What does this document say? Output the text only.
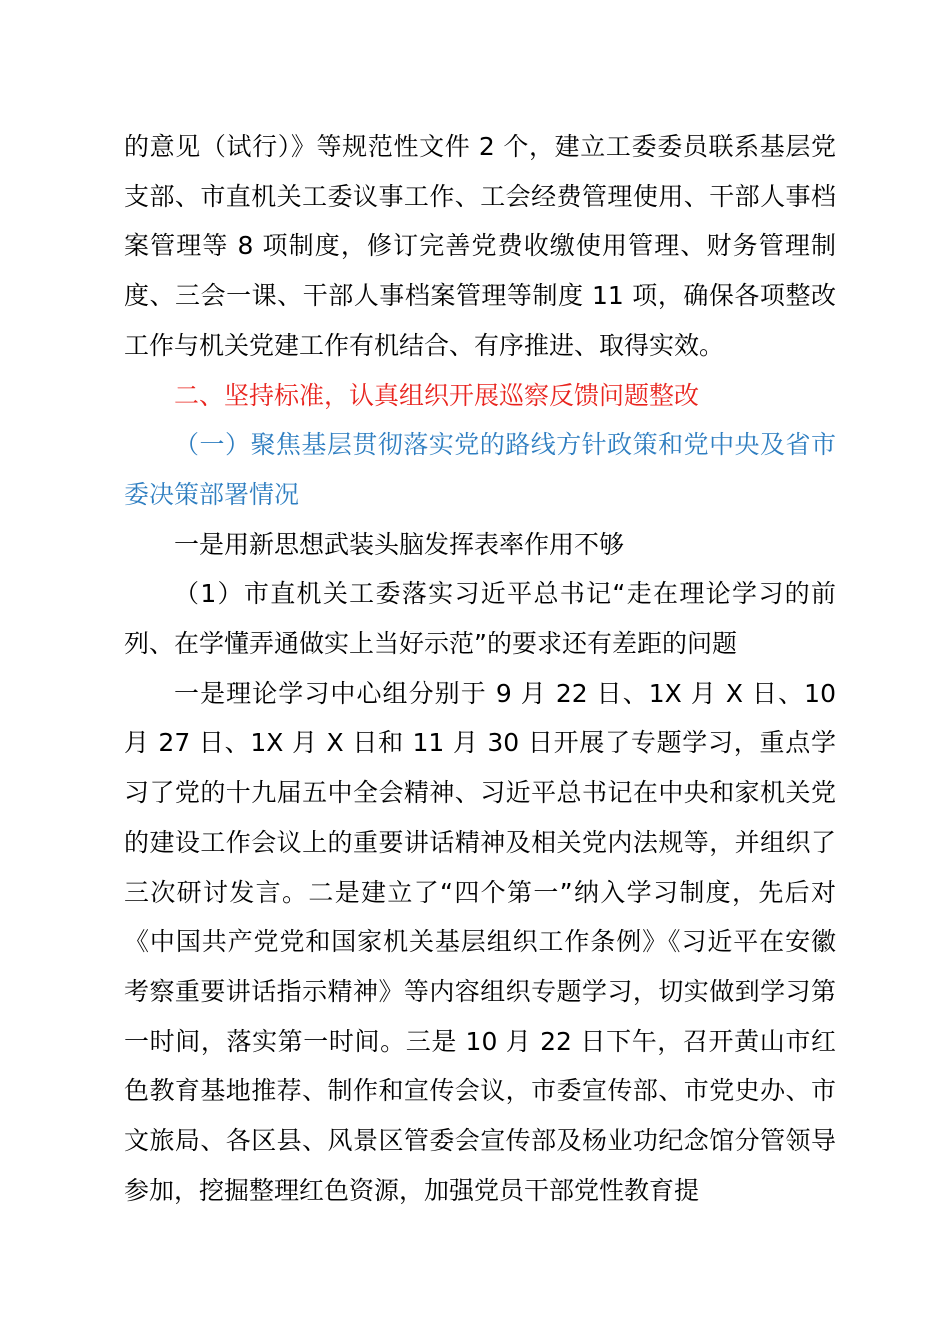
的意见（试行）》等规范性文件 2 个，建立工委委员联系基层党支部、市直机关工委议事工作、工会经费管理使用、干部人事档案管理等 8 项制度，修订完善党费收缴使用管理、财务管理制度、三会一课、干部人事档案管理等制度 11 项，确保各项整改工作与机关党建工作有机结合、有序推进、取得实效。

二、坚持标准，认真组织开展巡察反馈问题整改

（一）聚焦基层贯彻落实党的路线方针政策和党中央及省市委决策部署情况

一是用新思想武装头脑发挥表率作用不够

（1）市直机关工委落实习近平总书记“走在理论学习的前列、在学懂弄通做实上当好示范”的要求还有差距的问题

一是理论学习中心组分别于 9 月 22 日、1X 月 X 日、10 月 27 日、1X 月 X 日和 11 月 30 日开展了专题学习，重点学习了党的十九届五中全会精神、习近平总书记在中央和家机关党的建设工作会议上的重要讲话精神及相关党内法规等，并组织了三次研讨发言。二是建立了“四个第一”纳入学习制度，先后对《中国共产党党和国家机关基层组织工作条例》《习近平在安徽考察重要讲话指示精神》等内容组织专题学习，切实做到学习第一时间，落实第一时间。三是 10 月 22 日下午，召开黄山市红色教育基地推荐、制作和宣传会议，市委宣传部、市党史办、市文旅局、各区县、风景区管委会宣传部及杨业功纪念馆分管领导参加，挖掘整理红色资源，加强党员干部党性教育提
